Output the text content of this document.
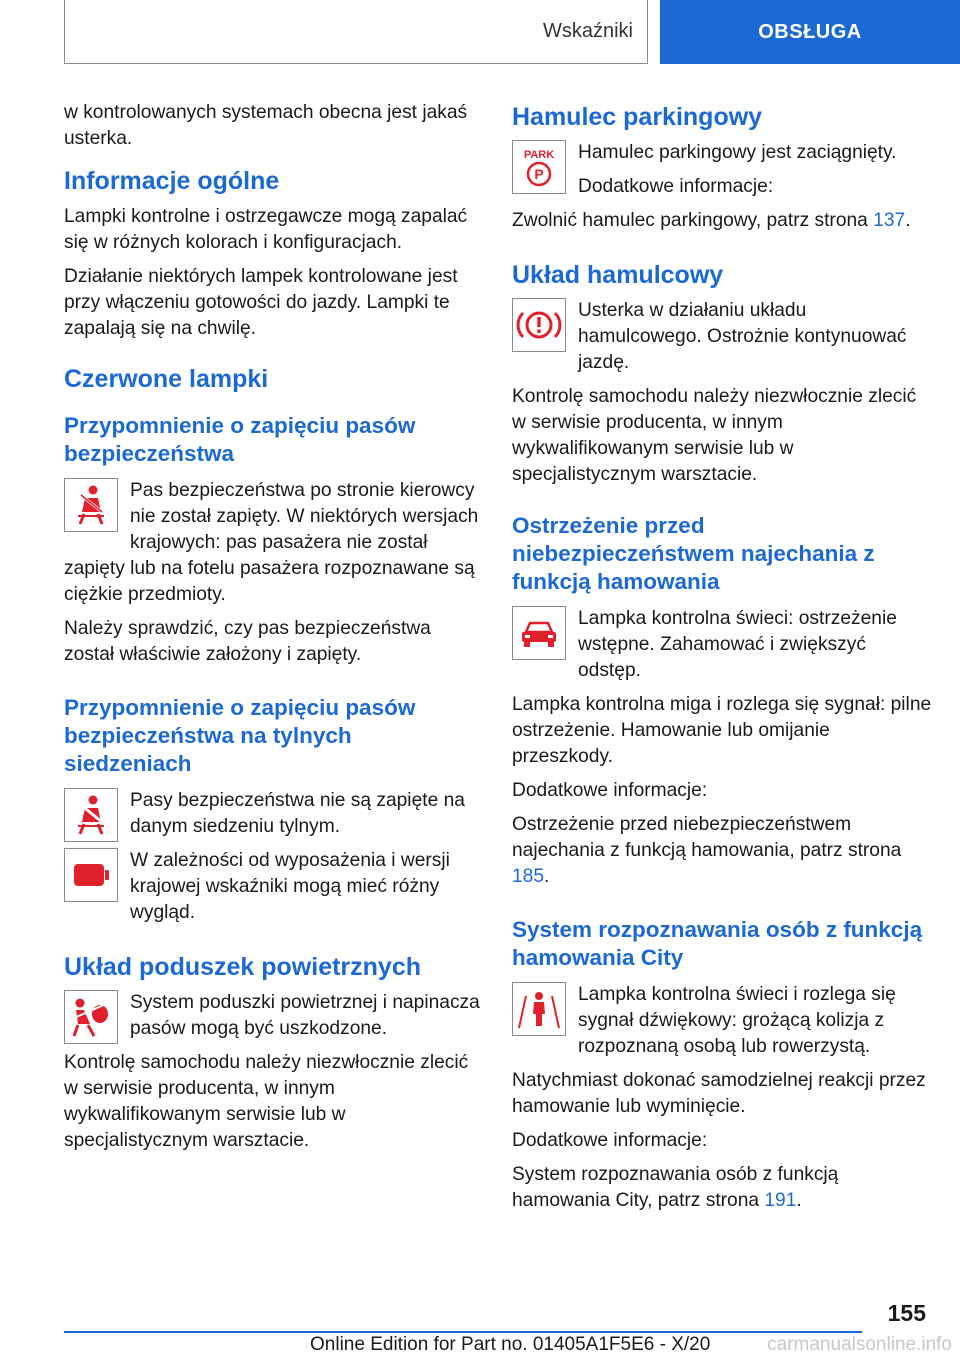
Wskaźniki	OBSŁUGA

w kontrolowanych systemach obecna jest jakaś usterka.

Informacje ogólne

Lampki kontrolne i ostrzegawcze mogą zapalać się w różnych kolorach i konfiguracjach.

Działanie niektórych lampek kontrolowane jest przy włączeniu gotowości do jazdy. Lampki te zapalają się na chwilę.

Czerwone lampki
Przypomnienie o zapięciu pasów bezpieczeństwa

Pas bezpieczeństwa po stronie kierowcy nie został zapięty. W niektórych wersjach krajowych: pas pasażera nie został zapięty lub na fotelu pasażera rozpoznawane są ciężkie przedmioty.

Należy sprawdzić, czy pas bezpieczeństwa został właściwie założony i zapięty.

Przypomnienie o zapięciu pasów bezpieczeństwa na tylnych siedzeniach

Pasy bezpieczeństwa nie są zapięte na danym siedzeniu tylnym.

W zależności od wyposażenia i wersji krajowej wskaźniki mogą mieć różny wygląd.

Układ poduszek powietrznych

System poduszki powietrznej i napinacza pasów mogą być uszkodzone.

Kontrolę samochodu należy niezwłocznie zlecić w serwisie producenta, w innym wykwalifikowanym serwisie lub w specjalistycznym warsztacie.

Hamulec parkingowy
PARK
P

Hamulec parkingowy jest zaciągnięty.

Dodatkowe informacje:

Zwolnić hamulec parkingowy, patrz strona 137.

Układ hamulcowy

Usterka w działaniu układu hamulcowego. Ostrożnie kontynuować jazdę.

Kontrolę samochodu należy niezwłocznie zlecić w serwisie producenta, w innym wykwalifikowanym serwisie lub w specjalistycznym warsztacie.

Ostrzeżenie przed niebezpieczeństwem najechania z funkcją hamowania

Lampka kontrolna świeci: ostrzeżenie wstępne. Zahamować i zwiększyć odstęp.

Lampka kontrolna miga i rozlega się sygnał: pilne ostrzeżenie. Hamowanie lub omijanie przeszkody.

Dodatkowe informacje:

Ostrzeżenie przed niebezpieczeństwem najechania z funkcją hamowania, patrz strona 185.

System rozpoznawania osób z funkcją hamowania City

Lampka kontrolna świeci i rozlega się sygnał dźwiękowy: grożącą kolizja z rozpoznaną osobą lub rowerzystą.

Natychmiast dokonać samodzielnej reakcji przez hamowanie lub wyminięcie.

Dodatkowe informacje:

System rozpoznawania osób z funkcją hamowania City, patrz strona 191.

155
Online Edition for Part no. 01405A1F5E6 - X/20	carmanualsonline.info
